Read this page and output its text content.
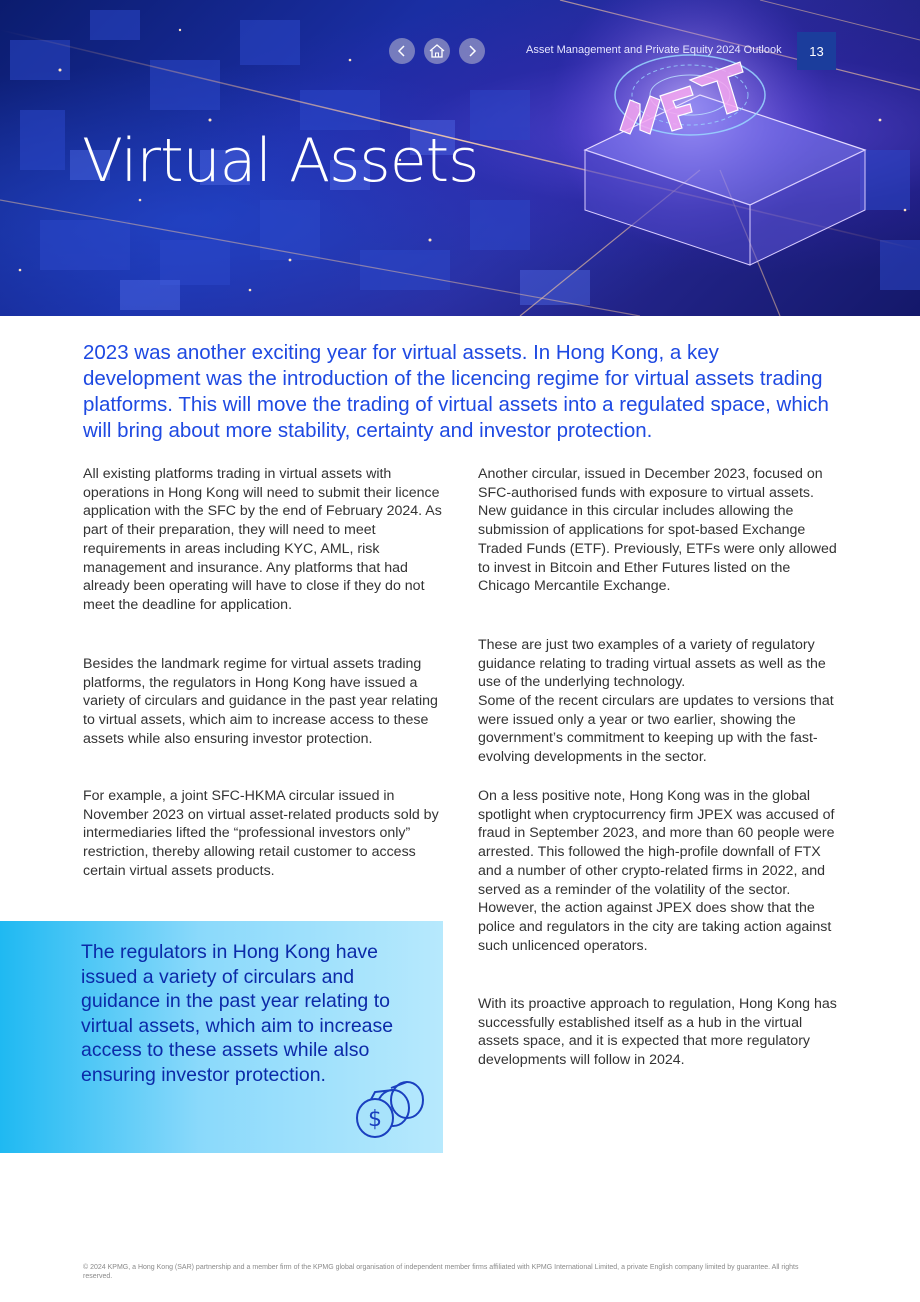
Asset Management and Private Equity 2024 Outlook	13
Virtual Assets

2023 was another exciting year for virtual assets. In Hong Kong, a key development was the introduction of the licencing regime for virtual assets trading platforms. This will move the trading of virtual assets into a regulated space, which will bring about more stability, certainty and investor protection.

All existing platforms trading in virtual assets with operations in Hong Kong will need to submit their licence application with the SFC by the end of February 2024. As part of their preparation, they will need to meet requirements in areas including KYC, AML, risk management and insurance. Any platforms that had already been operating will have to close if they do not meet the deadline for application.

Besides the landmark regime for virtual assets trading platforms, the regulators in Hong Kong have issued a variety of circulars and guidance in the past year relating to virtual assets, which aim to increase access to these assets while also ensuring investor protection.

For example, a joint SFC-HKMA circular issued in November 2023 on virtual asset-related products sold by intermediaries lifted the “professional investors only” restriction, thereby allowing retail customer to access certain virtual assets products.

Another circular, issued in December 2023, focused on SFC-authorised funds with exposure to virtual assets. New guidance in this circular includes allowing the submission of applications for spot-based Exchange Traded Funds (ETF). Previously, ETFs were only allowed to invest in Bitcoin and Ether Futures listed on the Chicago Mercantile Exchange.

These are just two examples of a variety of regulatory guidance relating to trading virtual assets as well as the use of the underlying technology.

Some of the recent circulars are updates to versions that were issued only a year or two earlier, showing the government’s commitment to keeping up with the fast-evolving developments in the sector.

On a less positive note, Hong Kong was in the global spotlight when cryptocurrency firm JPEX was accused of fraud in September 2023, and more than 60 people were arrested. This followed the high-profile downfall of FTX and a number of other crypto-related firms in 2022, and served as a reminder of the volatility of the sector. However, the action against JPEX does show that the police and regulators in the city are taking action against such unlicenced operators.

With its proactive approach to regulation, Hong Kong has successfully established itself as a hub in the virtual assets space, and it is expected that more regulatory developments will follow in 2024.

The regulators in Hong Kong have issued a variety of circulars and guidance in the past year relating to virtual assets, which aim to increase access to these assets while also ensuring investor protection.

$

© 2024 KPMG, a Hong Kong (SAR) partnership and a member firm of the KPMG global organisation of independent member firms affiliated with KPMG International Limited, a private English company limited by guarantee. All rights reserved.
